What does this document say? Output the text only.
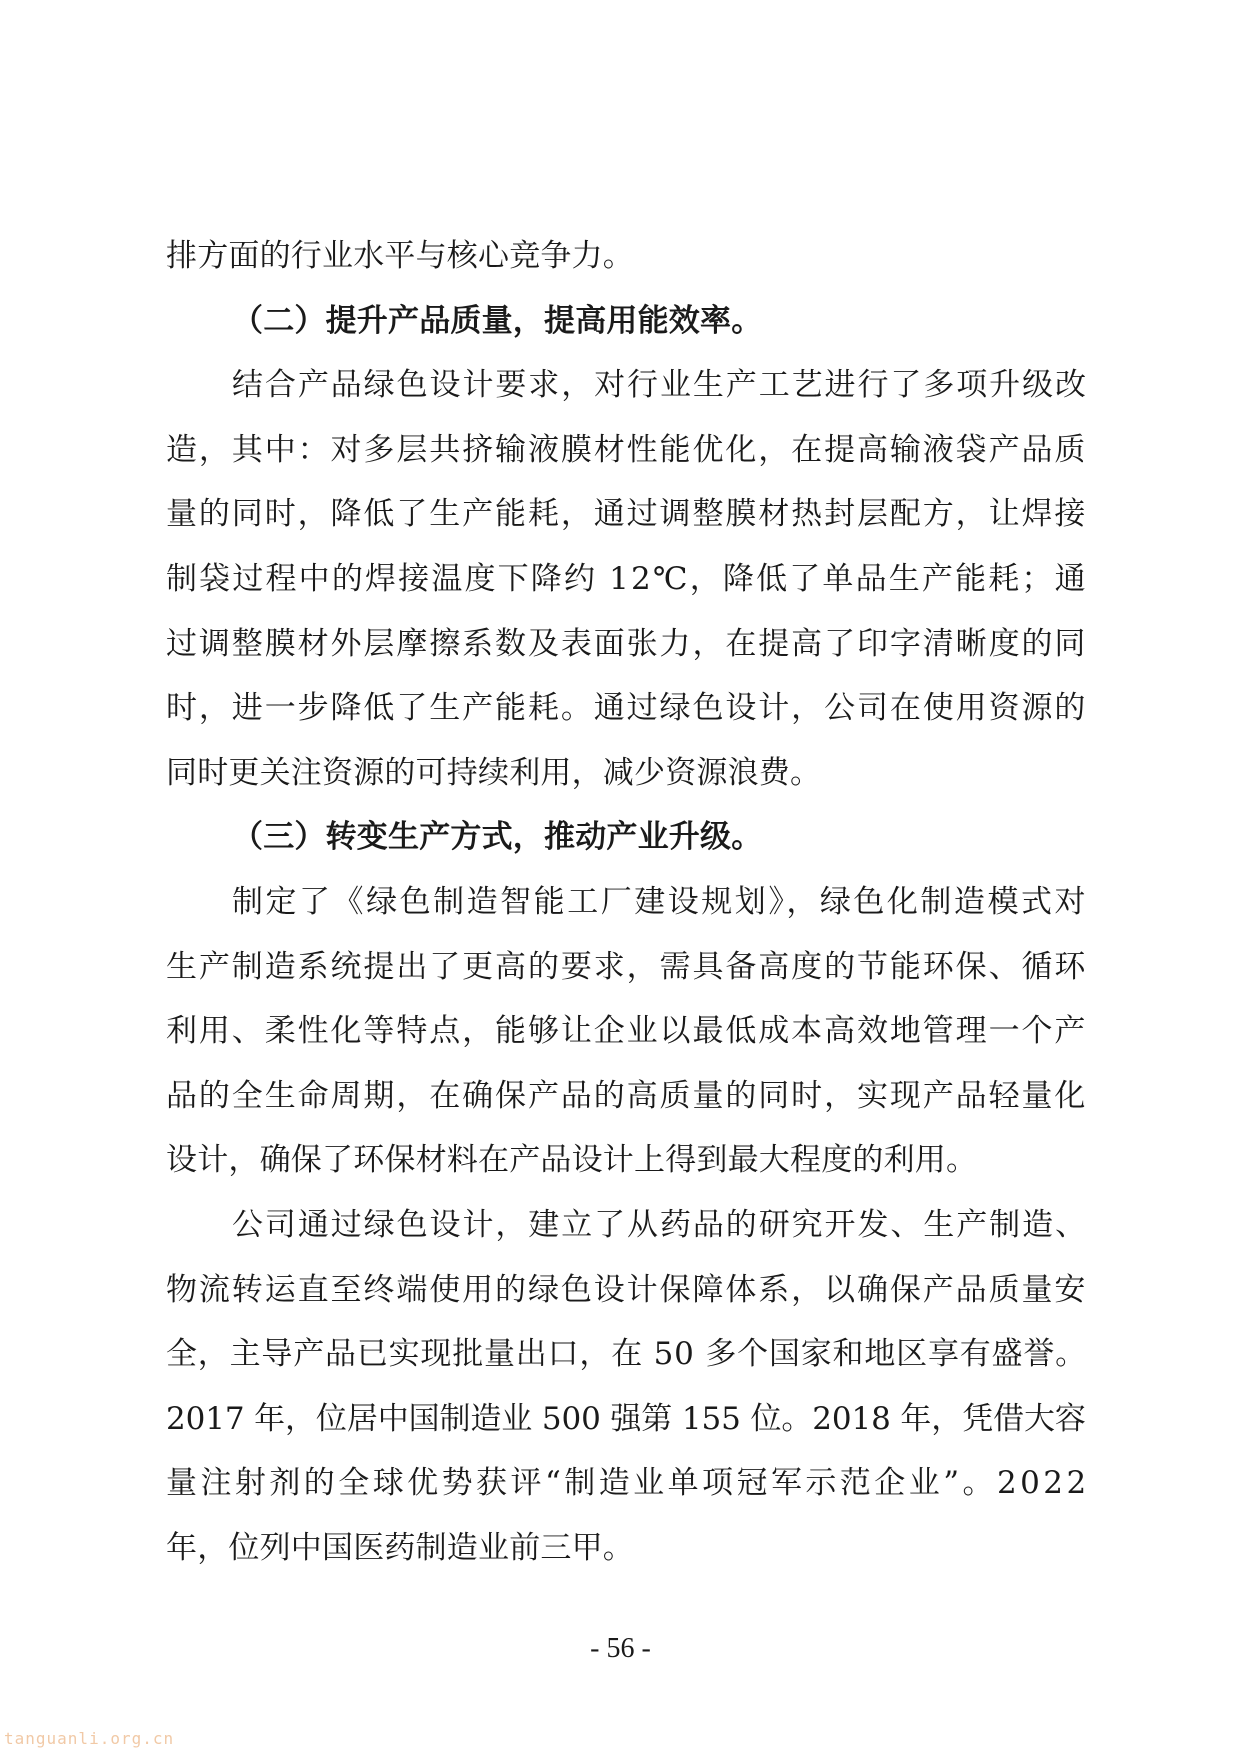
排方面的行业水平与核心竞争力。
（二）提升产品质量，提高用能效率。
结合产品绿色设计要求，对行业生产工艺进行了多项升级改
造，其中：对多层共挤输液膜材性能优化，在提高输液袋产品质
量的同时，降低了生产能耗，通过调整膜材热封层配方，让焊接
制袋过程中的焊接温度下降约 12℃，降低了单品生产能耗；通
过调整膜材外层摩擦系数及表面张力，在提高了印字清晰度的同
时，进一步降低了生产能耗。通过绿色设计，公司在使用资源的
同时更关注资源的可持续利用，减少资源浪费。
（三）转变生产方式，推动产业升级。
制定了《绿色制造智能工厂建设规划》，绿色化制造模式对
生产制造系统提出了更高的要求，需具备高度的节能环保、循环
利用、柔性化等特点，能够让企业以最低成本高效地管理一个产
品的全生命周期，在确保产品的高质量的同时，实现产品轻量化
设计，确保了环保材料在产品设计上得到最大程度的利用。
公司通过绿色设计，建立了从药品的研究开发、生产制造、
物流转运直至终端使用的绿色设计保障体系，以确保产品质量安
全，主导产品已实现批量出口，在 50 多个国家和地区享有盛誉。
2017 年，位居中国制造业 500 强第 155 位。2018 年，凭借大容
量注射剂的全球优势获评“制造业单项冠军示范企业”。2022
年，位列中国医药制造业前三甲。
- 56 -
tanguanli.org.cn
